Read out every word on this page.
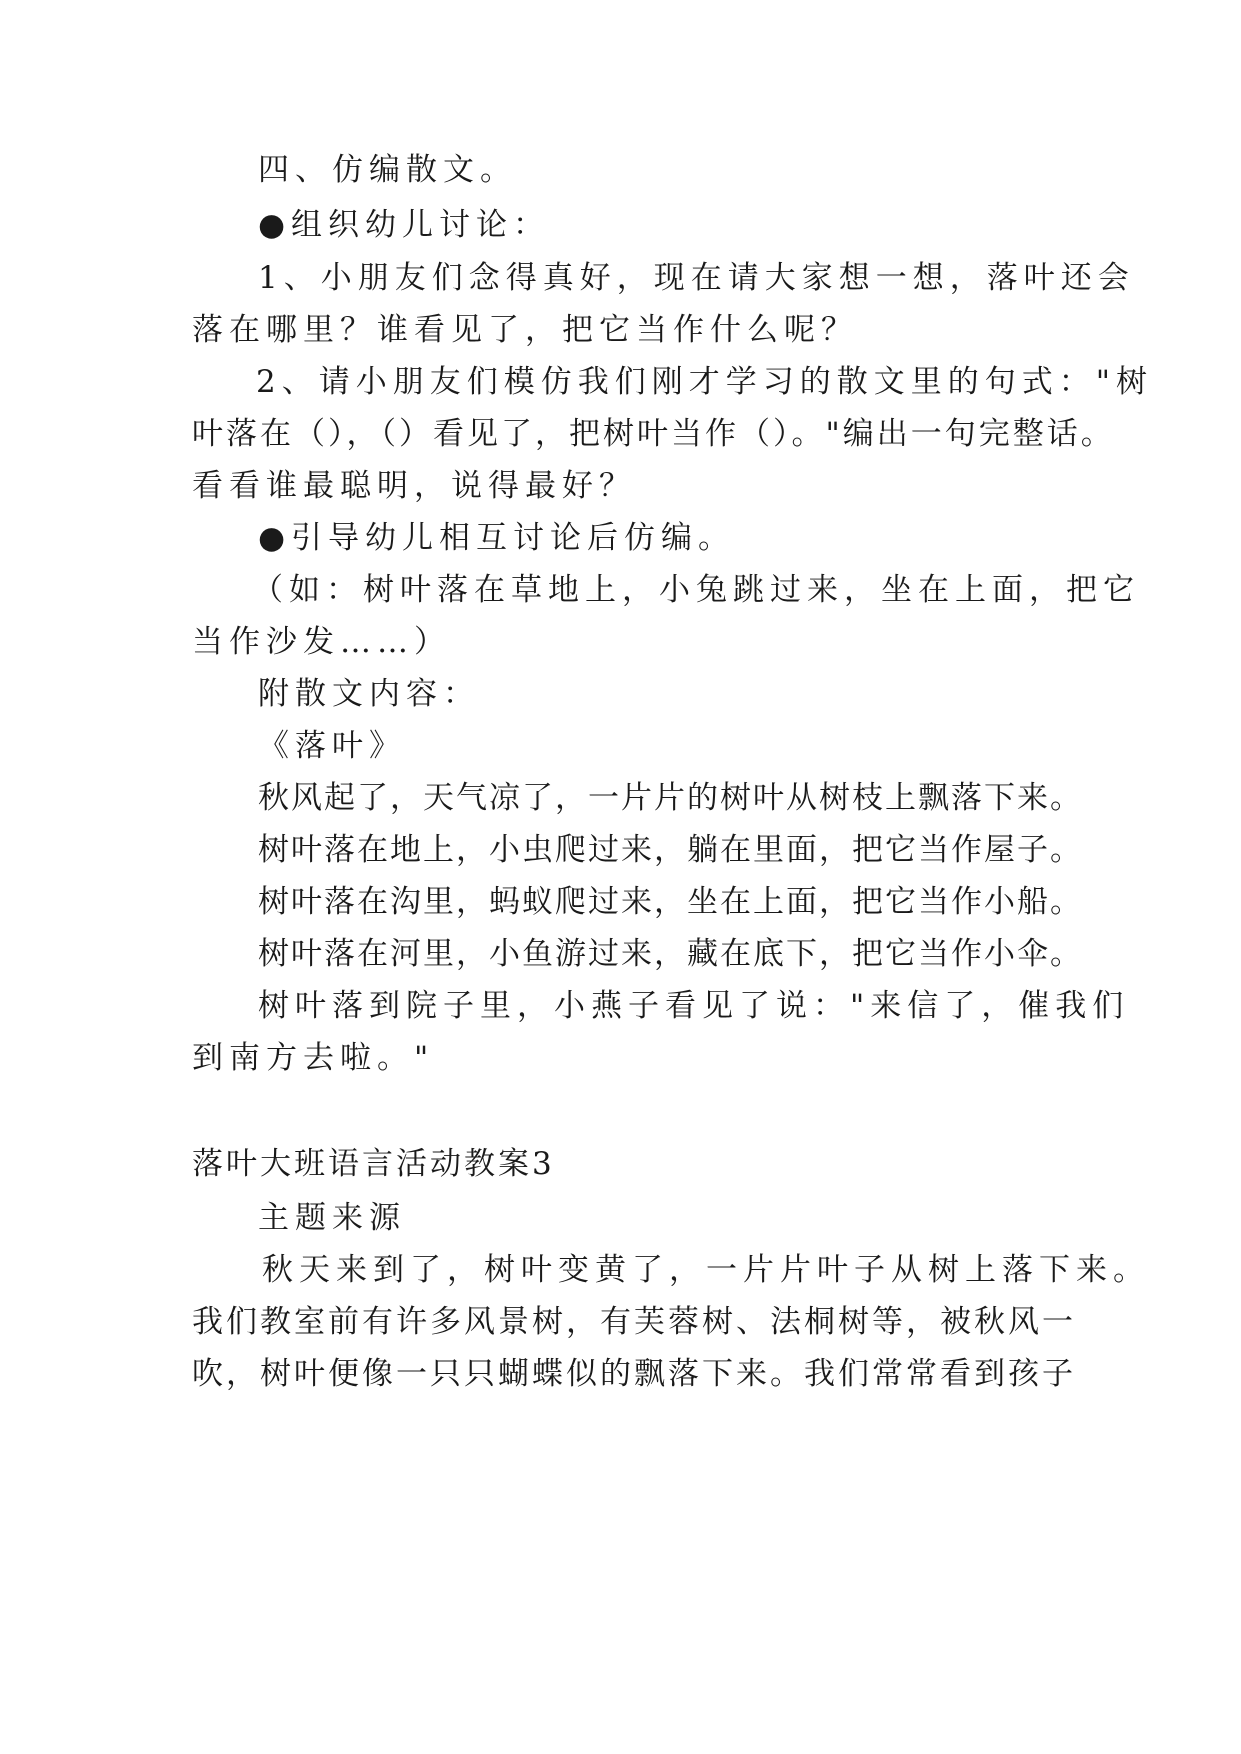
四、仿编散文。
●组织幼儿讨论：
1、小朋友们念得真好，现在请大家想一想，落叶还会
落在哪里？谁看见了，把它当作什么呢？
2、请小朋友们模仿我们刚才学习的散文里的句式："树
叶落在（），（）看见了，把树叶当作（）。"编出一句完整话。
看看谁最聪明，说得最好？
●引导幼儿相互讨论后仿编。
（如：树叶落在草地上，小兔跳过来，坐在上面，把它
当作沙发……）
附散文内容：
《落叶》
秋风起了，天气凉了，一片片的树叶从树枝上飘落下来。
树叶落在地上，小虫爬过来，躺在里面，把它当作屋子。
树叶落在沟里，蚂蚁爬过来，坐在上面，把它当作小船。
树叶落在河里，小鱼游过来，藏在底下，把它当作小伞。
树叶落到院子里，小燕子看见了说："来信了，催我们
到南方去啦。"
落叶大班语言活动教案3
主题来源
秋天来到了，树叶变黄了，一片片叶子从树上落下来。
我们教室前有许多风景树，有芙蓉树、法桐树等，被秋风一
吹，树叶便像一只只蝴蝶似的飘落下来。我们常常看到孩子
